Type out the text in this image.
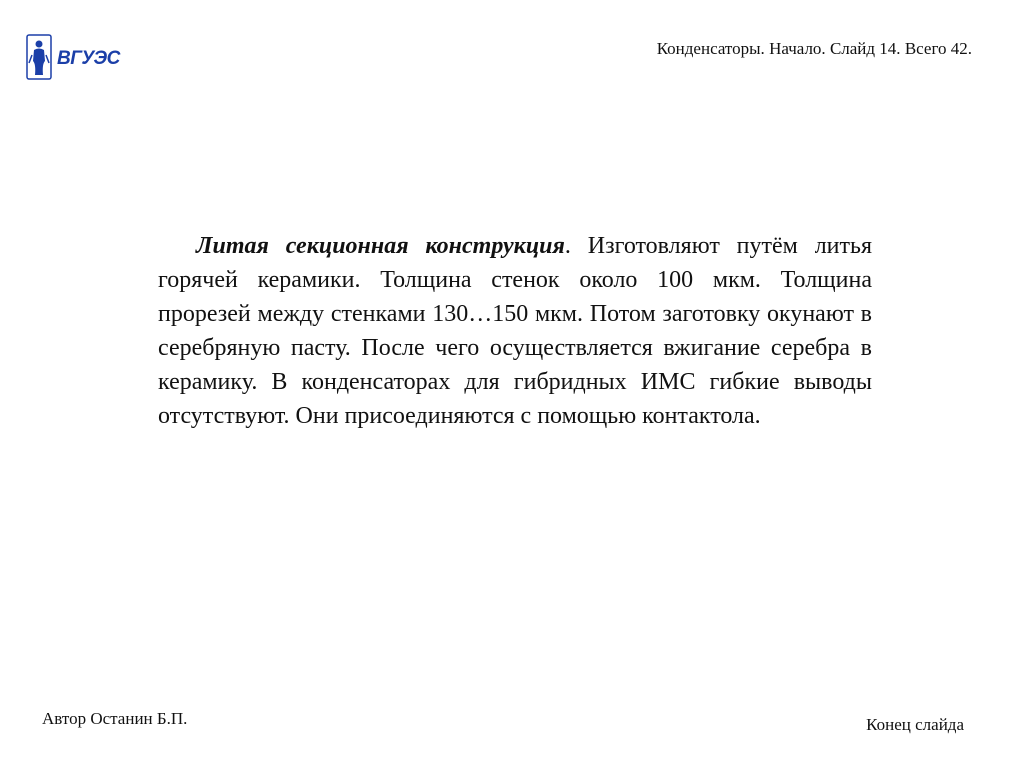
ВГУЭС	Конденсаторы. Начало. Слайд 14. Всего 42.

Литая секционная конструкция. Изготовляют путём литья горячей керамики. Толщина стенок около 100 мкм. Толщина прорезей между стенками 130…150 мкм. Потом заготовку окунают в серебряную пасту. После чего осуществляется вжигание серебра в керамику. В конденсаторах для гибридных ИМС гибкие выводы отсутствуют. Они присоединяются с помощью контактола.

Автор Останин Б.П.	Конец слайда
